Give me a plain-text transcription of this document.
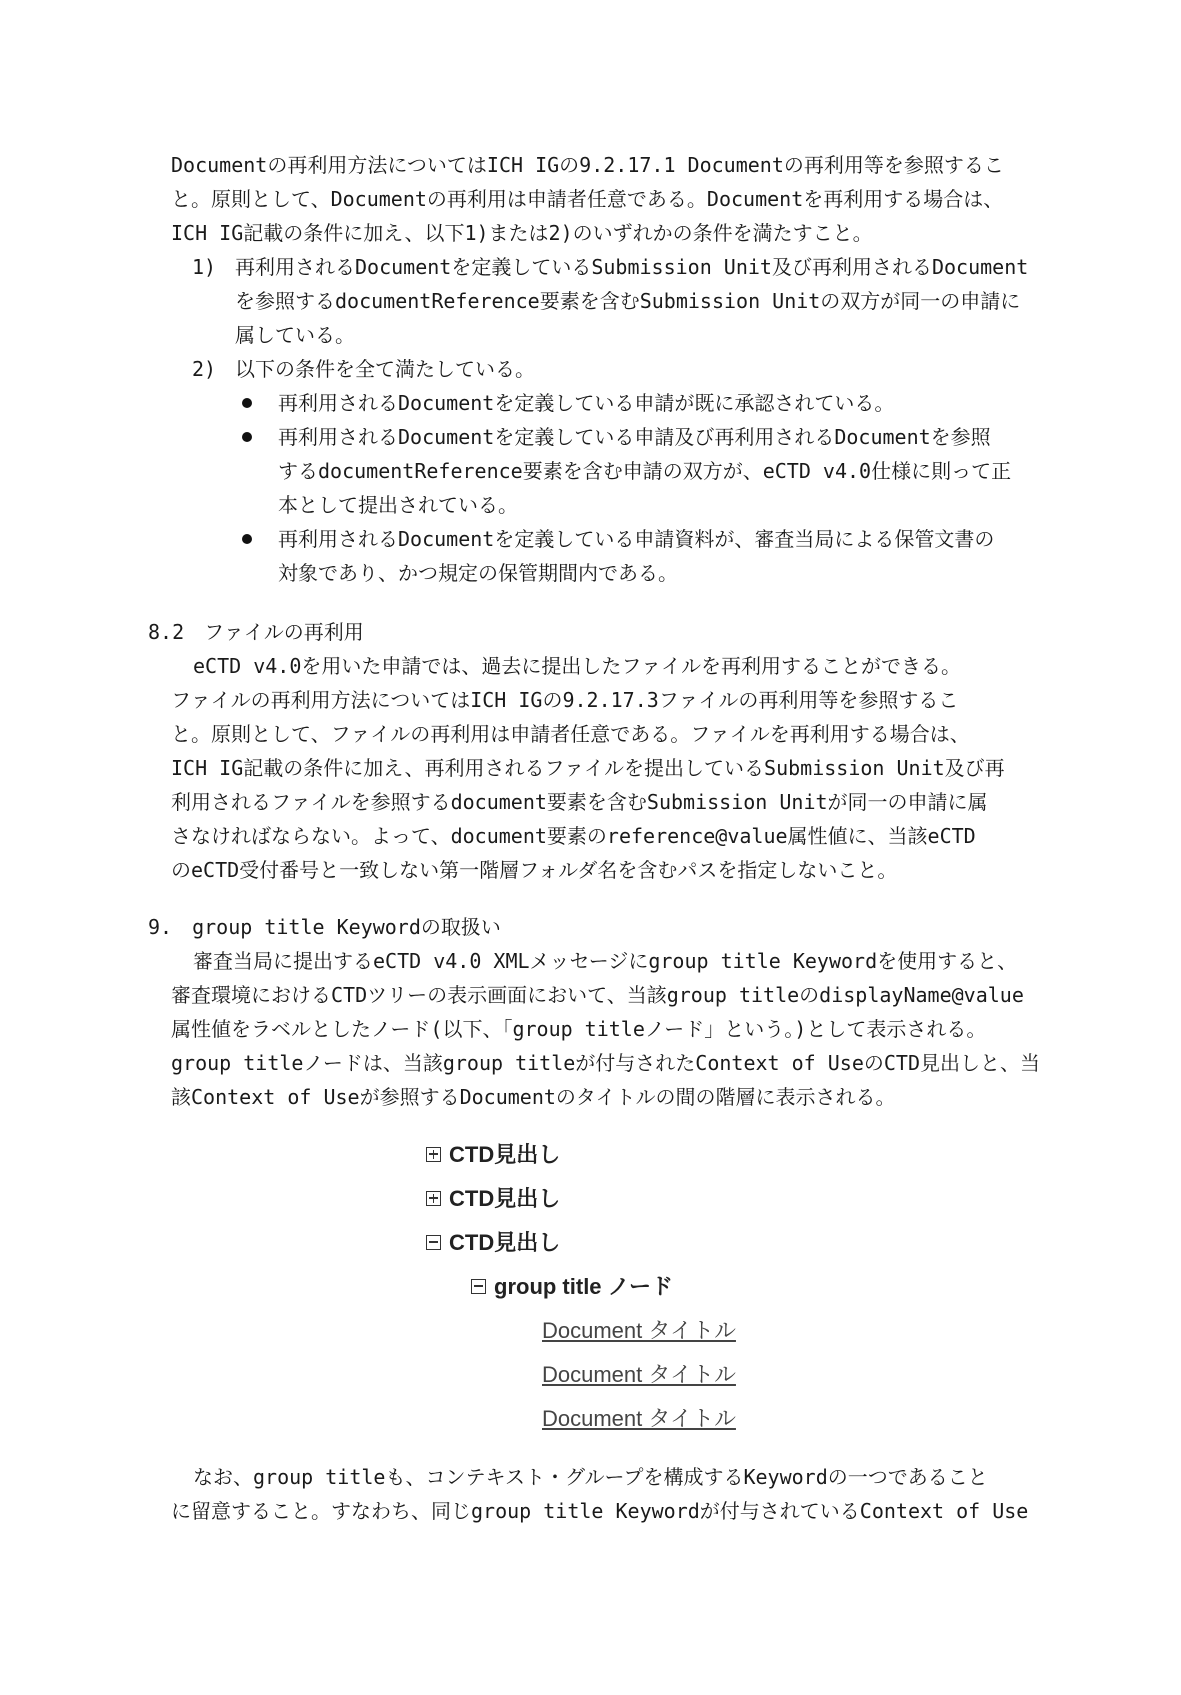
Documentの再利用方法についてはICH IGの9.2.17.1 Documentの再利用等を参照するこ
と。原則として、Documentの再利用は申請者任意である。Documentを再利用する場合は、
ICH IG記載の条件に加え、以下1)または2)のいずれかの条件を満たすこと。
1) 再利用されるDocumentを定義しているSubmission Unit及び再利用されるDocument
を参照するdocumentReference要素を含むSubmission Unitの双方が同一の申請に
属している。
2) 以下の条件を全て満たしている。
再利用されるDocumentを定義している申請が既に承認されている。
再利用されるDocumentを定義している申請及び再利用されるDocumentを参照
するdocumentReference要素を含む申請の双方が、eCTD v4.0仕様に則って正
本として提出されている。
再利用されるDocumentを定義している申請資料が、審査当局による保管文書の
対象であり、かつ規定の保管期間内である。
8.2　ファイルの再利用
eCTD v4.0を用いた申請では、過去に提出したファイルを再利用することができる。
ファイルの再利用方法についてはICH IGの9.2.17.3ファイルの再利用等を参照するこ
と。原則として、ファイルの再利用は申請者任意である。ファイルを再利用する場合は、
ICH IG記載の条件に加え、再利用されるファイルを提出しているSubmission Unit及び再
利用されるファイルを参照するdocument要素を含むSubmission Unitが同一の申請に属
さなければならない。よって、document要素のreference@value属性値に、当該eCTD
のeCTD受付番号と一致しない第一階層フォルダ名を含むパスを指定しないこと。
9.　group title Keywordの取扱い
審査当局に提出するeCTD v4.0 XMLメッセージにgroup title Keywordを使用すると、
審査環境におけるCTDツリーの表示画面において、当該group titleのdisplayName@value
属性値をラベルとしたノード(以下、「group titleノード」という。)として表示される。
group titleノードは、当該group titleが付与されたContext of UseのCTD見出しと、当
該Context of Useが参照するDocumentのタイトルの間の階層に表示される。
CTD見出し
CTD見出し
CTD見出し
group title ノード
Document タイトル
Document タイトル
Document タイトル
なお、group titleも、コンテキスト・グループを構成するKeywordの一つであること
に留意すること。すなわち、同じgroup title Keywordが付与されているContext of Use
